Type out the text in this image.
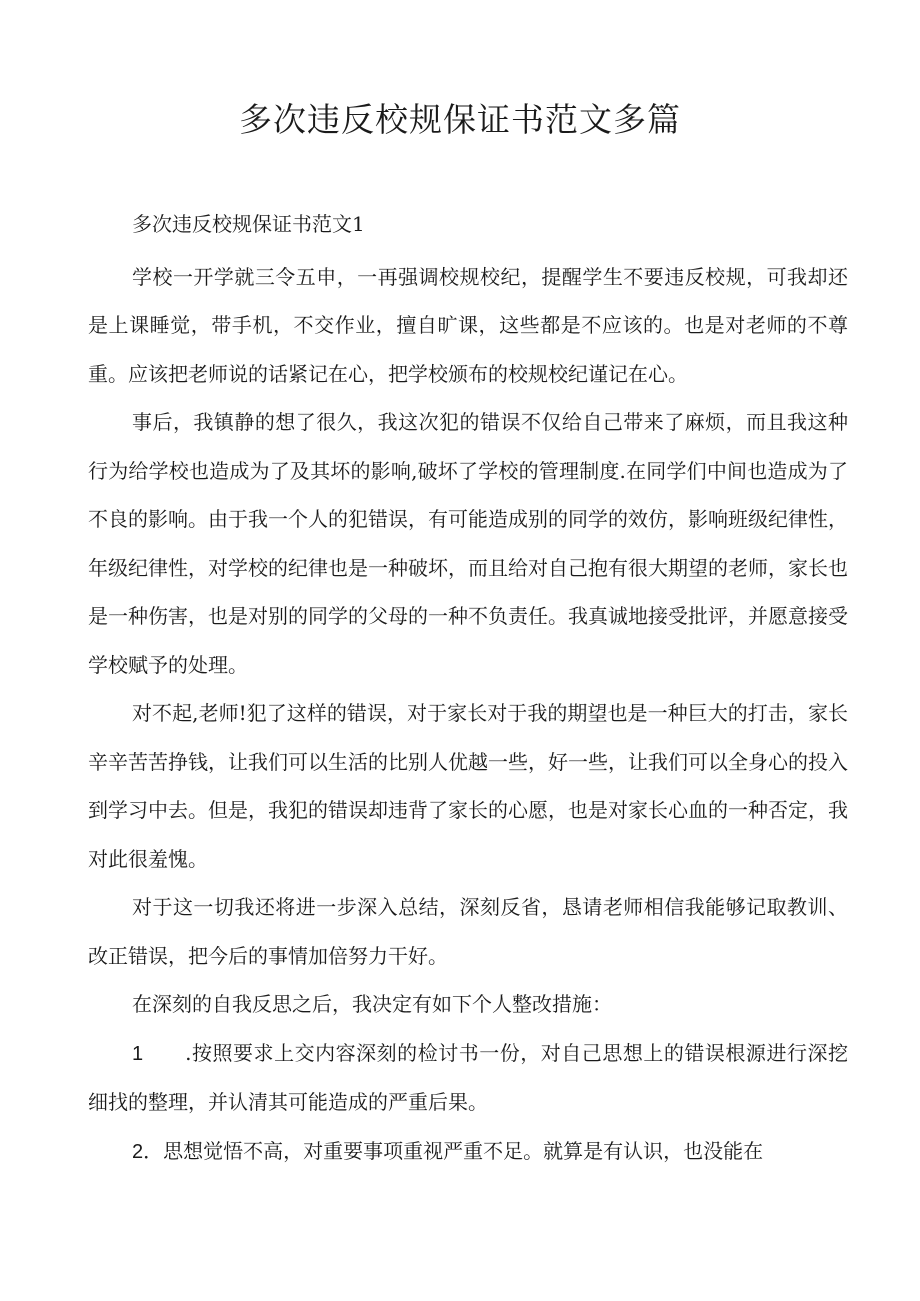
多次违反校规保证书范文多篇

多次违反校规保证书范文1

学校一开学就三令五申，一再强调校规校纪，提醒学生不要违反校规，可我却还是上课睡觉，带手机，不交作业，擅自旷课，这些都是不应该的。也是对老师的不尊重。应该把老师说的话紧记在心，把学校颁布的校规校纪谨记在心。

事后，我镇静的想了很久，我这次犯的错误不仅给自己带来了麻烦，而且我这种行为给学校也造成为了及其坏的影响,破坏了学校的管理制度.在同学们中间也造成为了不良的影响。由于我一个人的犯错误，有可能造成别的同学的效仿，影响班级纪律性，年级纪律性，对学校的纪律也是一种破坏，而且给对自己抱有很大期望的老师，家长也是一种伤害，也是对别的同学的父母的一种不负责任。我真诚地接受批评，并愿意接受学校赋予的处理。

对不起,老师!犯了这样的错误，对于家长对于我的期望也是一种巨大的打击，家长辛辛苦苦挣钱，让我们可以生活的比别人优越一些，好一些，让我们可以全身心的投入到学习中去。但是，我犯的错误却违背了家长的心愿，也是对家长心血的一种否定，我对此很羞愧。

对于这一切我还将进一步深入总结，深刻反省，恳请老师相信我能够记取教训、改正错误，把今后的事情加倍努力干好。

在深刻的自我反思之后，我决定有如下个人整改措施：

1 .按照要求上交内容深刻的检讨书一份，对自己思想上的错误根源进行深挖细找的整理，并认清其可能造成的严重后果。

2．思想觉悟不高，对重要事项重视严重不足。就算是有认识，也没能在
